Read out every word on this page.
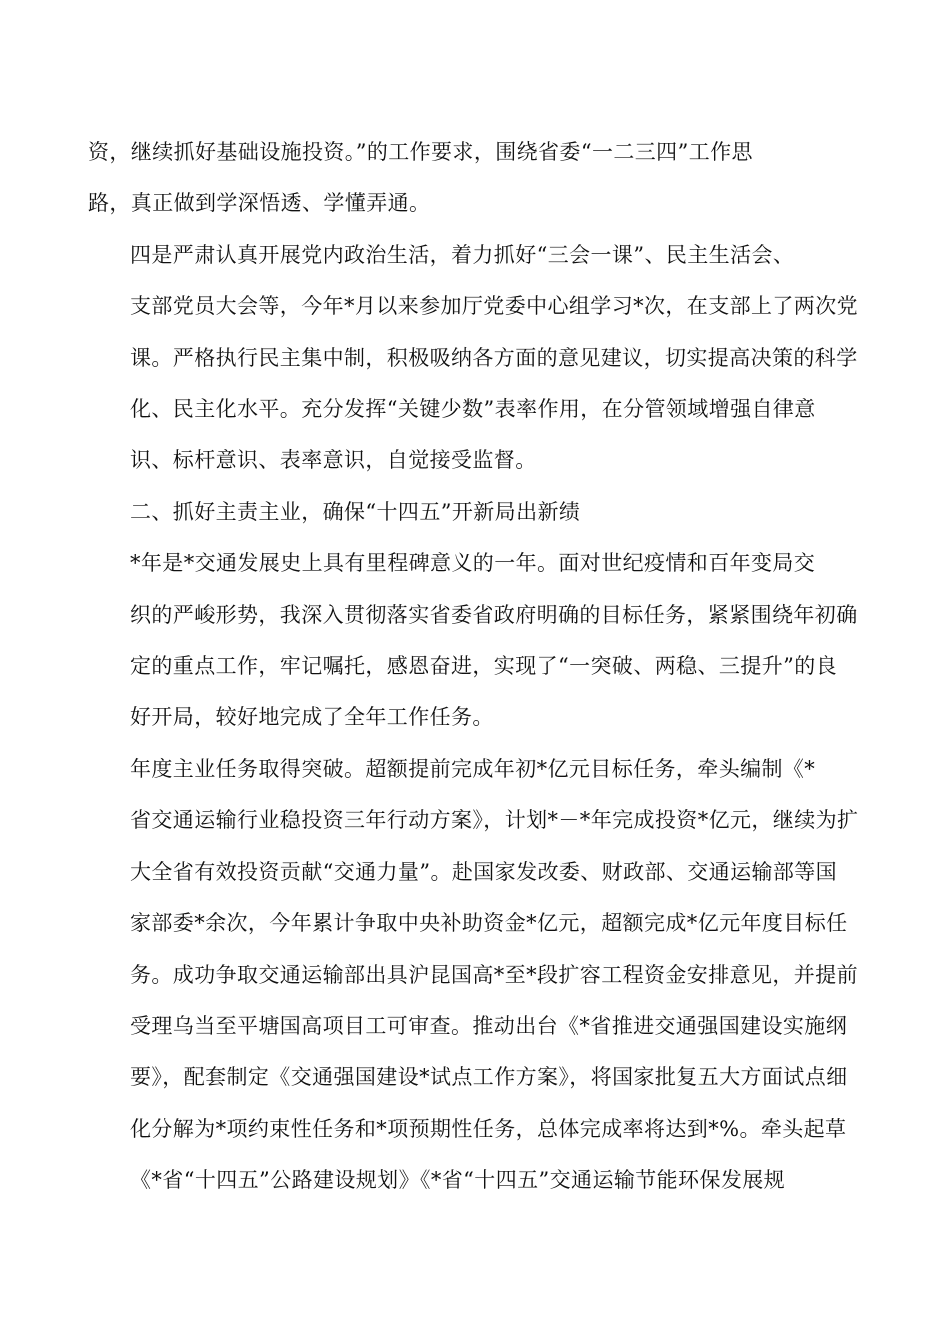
资，继续抓好基础设施投资。”的工作要求，围绕省委“一二三四”工作思
路，真正做到学深悟透、学懂弄通。
四是严肃认真开展党内政治生活，着力抓好“三会一课”、民主生活会、
支部党员大会等，今年*月以来参加厅党委中心组学习*次，在支部上了两次党
课。严格执行民主集中制，积极吸纳各方面的意见建议，切实提高决策的科学
化、民主化水平。充分发挥“关键少数”表率作用，在分管领域增强自律意
识、标杆意识、表率意识，自觉接受监督。
二、抓好主责主业，确保“十四五”开新局出新绩
*年是*交通发展史上具有里程碑意义的一年。面对世纪疫情和百年变局交
织的严峻形势，我深入贯彻落实省委省政府明确的目标任务，紧紧围绕年初确
定的重点工作，牢记嘱托，感恩奋进，实现了“一突破、两稳、三提升”的良
好开局，较好地完成了全年工作任务。
年度主业任务取得突破。超额提前完成年初*亿元目标任务，牵头编制《*
省交通运输行业稳投资三年行动方案》，计划*－*年完成投资*亿元，继续为扩
大全省有效投资贡献“交通力量”。赴国家发改委、财政部、交通运输部等国
家部委*余次，今年累计争取中央补助资金*亿元，超额完成*亿元年度目标任
务。成功争取交通运输部出具沪昆国高*至*段扩容工程资金安排意见，并提前
受理乌当至平塘国高项目工可审查。推动出台《*省推进交通强国建设实施纲
要》，配套制定《交通强国建设*试点工作方案》，将国家批复五大方面试点细
化分解为*项约束性任务和*项预期性任务，总体完成率将达到*%。牵头起草
《*省“十四五”公路建设规划》《*省“十四五”交通运输节能环保发展规
